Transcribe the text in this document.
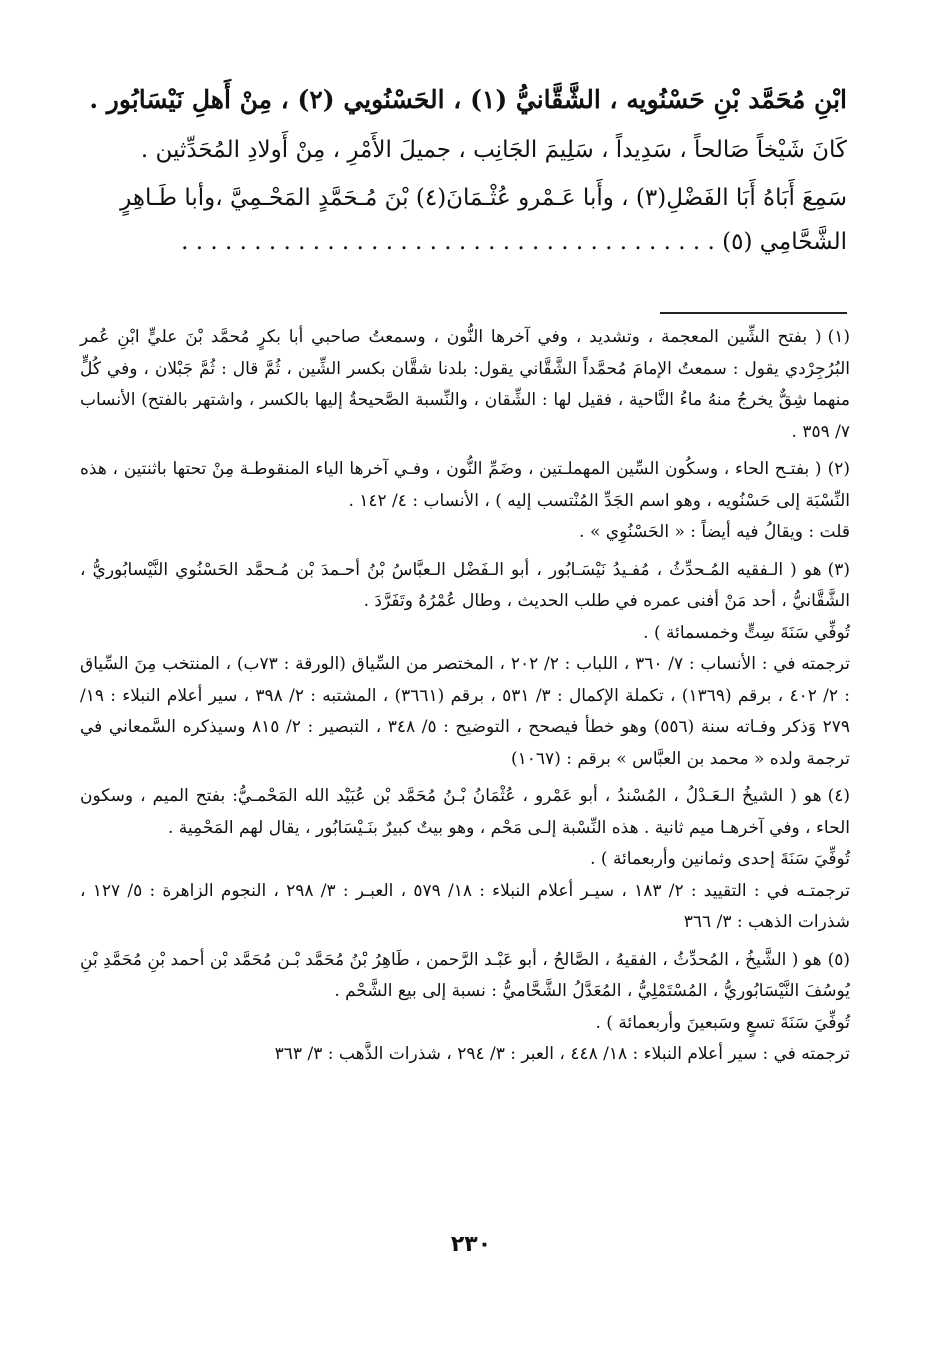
ابْنِ مُحَمَّد بْنِ حَسْنُويه ، الشَّقَّانيُّ (١) ، الحَسْنُويي (٢) ، مِنْ أَهلِ نَيْسَابُور .

كَانَ شَيْخاً صَالحاً ، سَدِيداً ، سَلِيمَ الجَانِب ، جميلَ الأَمْرِ ، مِنْ أَولادِ المُحَدِّثين .

سَمِعَ أَبَاهُ أَبَا الفَضْلِ(٣) ، وأَبا عَـمْرو عُثْـمَانَ(٤) بْنَ مُـحَمَّدٍ المَحْـمِيَّ ،وأبا طَـاهِرٍ الشَّحَّامِي (٥) . . . . . . . . . . . . . . . . . . . . . . . . . . . . . . . . . . . . .

(١)( بفتح الشِّين المعجمة ، وتشديد ، وفي آخرها النُّون ، وسمعتُ صاحبي أبا بكرٍ مُحمَّد بْنَ عليٍّ ابْنِ عُمر البُرُجِرْدي يقول : سمعتُ الإمامَ مُحمَّداً الشَّقَّاني يقول: بلدنا شقَّان بكسر الشِّين ، ثُمَّ قال : ثُمَّ جَبْلان ، وفي كُلٍّ منهما شِقٌّ يخرجُ منهُ ماءُ النَّاحية ، فقيل لها : الشِّقان ، والنِّسبة الصَّحيحةُ إليها بالكسر ، واشتهر بالفتح) الأنساب ٧/ ٣٥٩ .
(٢)( بفتـح الحاء ، وسكُون السِّين المهملـتين ، وضَمِّ النُّون ، وفـي آخرها الياء المنقوطـة مِنْ تحتها باثنتين ، هذه النِّسْبَة إلى حَسْنُويه ، وهو اسم الجَدِّ المُنْتسب إليه ) ، الأنساب : ٤/ ١٤٢ .
قلت : ويقالُ فيه أيضاً : « الحَسْنُوِي » .
(٣)هو ( الـفقيه المُـحدِّثُ ، مُفـيدُ نَيْسَـابُور ، أبو الـفَضْل الـعبَّاسُ بْنُ أحـمدَ بْن مُـحمَّد الحَسْنُوي النَّيْسابُوريُّ ، الشَّقَّانيُّ ، أحد مَنْ أفنى عمره في طلب الحديث ، وطال عُمْرُهُ وتَفَرَّدَ .
تُوفِّي سَنَةَ سِتٍّ وخمسمائة ) .
ترجمته في : الأنساب : ٧/ ٣٦٠ ، اللباب : ٢/ ٢٠٢ ، المختصر من السِّياق (الورقة : ٧٣ب) ، المنتخب مِنَ السِّياق : ٢/ ٤٠٢ ، برقم (١٣٦٩) ، تكملة الإكمال : ٣/ ٥٣١ ، برقم (٣٦٦١) ، المشتبه : ٢/ ٣٩٨ ، سير أعلام النبلاء : ١٩/ ٢٧٩ وَذكر وفـاته سنة (٥٥٦) وهو خطأ فيصحح ، التوضيح : ٥/ ٣٤٨ ، التبصير : ٢/ ٨١٥ وسيذكره السَّمعاني في ترجمة ولده « محمد بن العبَّاس » برقم : (١٠٦٧)
(٤)هو ( الشيخُ الـعَـدْلُ ، المُسْندُ ، أبو عَمْرو ، عُثْمَانُ بْـنُ مُحَمَّد بْن عُبَيْد الله المَحْمـيُّ: بفتح الميم ، وسكون الحاء ، وفي آخرهـا ميم ثانية . هذه النِّسْبة إلـى مَحْم ، وهو بيتٌ كبيرٌ بنَـيْسَابُور ، يقال لهم المَحْمِية .
تُوفِّيَ سَنَةَ إحدى وثمانين وأربعمائة ) .
ترجمتـه في : التقييد : ٢/ ١٨٣ ، سيـر أعلام النبلاء : ١٨/ ٥٧٩ ، العبـر : ٣/ ٢٩٨ ، النجوم الزاهرة : ٥/ ١٢٧ ، شذرات الذهب : ٣/ ٣٦٦
(٥)هو ( الشَّيخُ ، المُحدِّثُ ، الفقيهُ ، الصَّالحُ ، أبو عَبْـد الرَّحمن ، طَاهِرُ بْنُ مُحَمَّد بْـن مُحَمَّد بْن أحمد بْنِ مُحَمَّدِ بْنِ يُوسُفَ النَّيْسَابُوريُّ ، المُسْتَمْلِيُّ ، المُعَدَّلُ الشَّحَّاميُّ : نسبة إلى بيع الشَّحْم .
تُوفِّيَ سَنَةَ تسعٍ وسَبعينَ وأربعمائة ) .
ترجمته في : سير أعلام النبلاء : ١٨/ ٤٤٨ ، العبر : ٣/ ٢٩٤ ، شذرات الذَّهب : ٣/ ٣٦٣
٢٣٠
